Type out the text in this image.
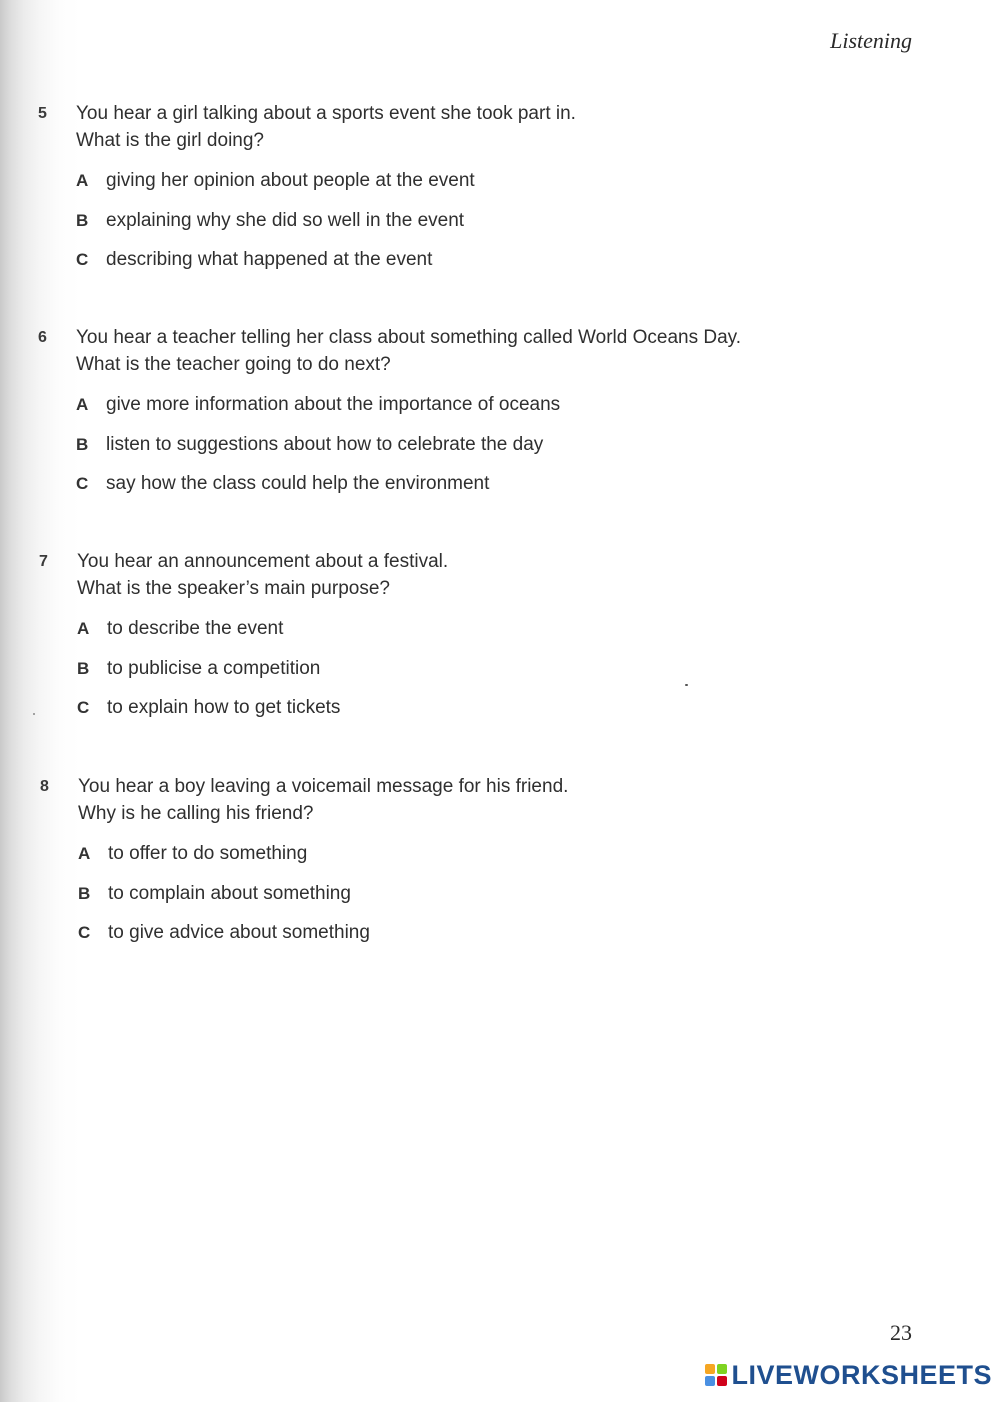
Listening
5	You hear a girl talking about a sports event she took part in.
What is the girl doing?
A giving her opinion about people at the event
B explaining why she did so well in the event
C describing what happened at the event
6	You hear a teacher telling her class about something called World Oceans Day.
What is the teacher going to do next?
A give more information about the importance of oceans
B listen to suggestions about how to celebrate the day
C say how the class could help the environment
7	You hear an announcement about a festival.
What is the speaker’s main purpose?
A to describe the event
B to publicise a competition
C to explain how to get tickets
8	You hear a boy leaving a voicemail message for his friend.
Why is he calling his friend?
A to offer to do something
B to complain about something
C to give advice about something
23
LIVEWORKSHEETS
